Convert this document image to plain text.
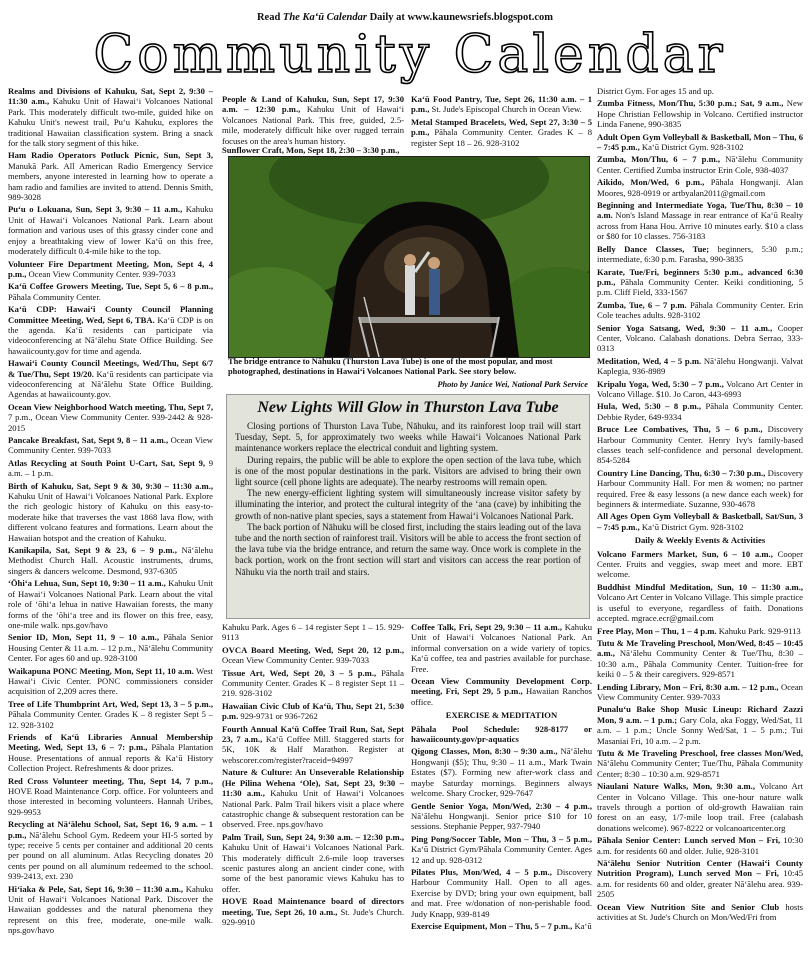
Read The Ka‘ū Calendar Daily at www.kaunewsriefs.blogspot.com
Community Calendar

Realms and Divisions of Kahuku, Sat, Sept 2, 9:30 – 11:30 a.m., Kahuku Unit of Hawai‘i Volcanoes National Park. This moderately difficult two-mile, guided hike on Kahuku Unit's newest trail, Pu‘u Kahuku, explores the traditional Hawaiian classification system. Bring a snack for the talk story segment of this hike.

Ham Radio Operators Potluck Picnic, Sun, Sept 3, Manukā Park. All American Radio Emergency Service members, anyone interested in learning how to operate a ham radio and families are invited to attend. Dennis Smith, 989-3028

Pu‘u o Lokuana, Sun, Sept 3, 9:30 – 11 a.m., Kahuku Unit of Hawai‘i Volcanoes National Park. Learn about formation and various uses of this grassy cinder cone and enjoy a breathtaking view of lower Ka‘ū on this free, moderately difficult 0.4-mile hike to the top.

Volunteer Fire Department Meeting, Mon, Sept 4, 4 p.m., Ocean View Community Center. 939-7033

Ka‘ū Coffee Growers Meeting, Tue, Sept 5, 6 – 8 p.m., Pāhala Community Center.

Ka‘ū CDP: Hawai‘i County Council Planning Committee Meeting, Wed, Sept 6, TBA. Ka‘ū CDP is on the agenda. Ka‘ū residents can participate via videoconferencing at Nā‘ālehu State Office Building. See hawaiicounty.gov for time and agenda.

Hawai‘i County Council Meetings, Wed/Thu, Sept 6/7 & Tue/Thu, Sept 19/20. Ka‘ū residents can participate via videoconferencing at Nā‘ālehu State Office Building. Agendas at hawaiicounty.gov.

Ocean View Neighborhood Watch meeting, Thu, Sept 7, 7 p.m., Ocean View Community Center. 939-2442 & 928-2015

Pancake Breakfast, Sat, Sept 9, 8 – 11 a.m., Ocean View Community Center. 939-7033

Atlas Recycling at South Point U-Cart, Sat, Sept 9, 9 a.m. – 1 p.m.

Birth of Kahuku, Sat, Sept 9 & 30, 9:30 – 11:30 a.m., Kahuku Unit of Hawai‘i Volcanoes National Park. Explore the rich geologic history of Kahuku on this easy-to-moderate hike that traverses the vast 1868 lava flow, with different volcano features and formations. Learn about the Hawaiian hotspot and the creation of Kahuku.

Kanikapila, Sat, Sept 9 & 23, 6 – 9 p.m., Nā‘ālehu Methodist Church Hall. Acoustic instruments, drums, singers & dancers welcome. Desmond, 937-6305

‘Ōhi‘a Lehua, Sun, Sept 10, 9:30 – 11 a.m., Kahuku Unit of Hawai‘i Volcanoes National Park. Learn about the vital role of ‘ōhi‘a lehua in native Hawaiian forests, the many forms of the ‘ōhi‘a tree and its flower on this free, easy, one-mile walk. nps.gov/havo

Senior ID, Mon, Sept 11, 9 – 10 a.m., Pāhala Senior Housing Center & 11 a.m. – 12 p.m., Nā‘ālehu Community Center. For ages 60 and up. 928-3100

Waikapuna PONC Meeting, Mon, Sept 11, 10 a.m. West Hawai‘i Civic Center. PONC commissioners consider acquisition of 2,209 acres there.

Tree of Life Thumbprint Art, Wed, Sept 13, 3 – 5 p.m., Pāhala Community Center. Grades K – 8 register Sept 5 – 12. 928-3102

Friends of Ka‘ū Libraries Annual Membership Meeting, Wed, Sept 13, 6 – 7: p.m., Pāhala Plantation House. Presentations of annual reports & Ka‘ū History Collection Project. Refreshments & door prizes.

Red Cross Volunteer meeting, Thu, Sept 14, 7 p.m., HOVE Road Maintenance Corp. office. For volunteers and those interested in becoming volunteers. Hannah Uribes, 929-9953

Recycling at Nā‘ālehu School, Sat, Sept 16, 9 a.m. – 1 p.m., Nā‘ālehu School Gym. Redeem your HI-5 sorted by type; receive 5 cents per container and additional 20 cents per pound on all aluminum. Atlas Recycling donates 20 cents per pound on all aluminum redeemed to the school. 939-2413, ext. 230

Hi‘iaka & Pele, Sat, Sept 16, 9:30 – 11:30 a.m., Kahuku Unit of Hawai‘i Volcanoes National Park. Discover the Hawaiian goddesses and the natural phenomena they represent on this free, moderate, one-mile walk. nps.gov/havo

People & Land of Kahuku, Sun, Sept 17, 9:30 a.m. – 12:30 p.m., Kahuku Unit of Hawai‘i Volcanoes National Park. This free, guided, 2.5-mile, moderately difficult hike over rugged terrain focuses on the area's human history.

Ka‘ū Food Pantry, Tue, Sept 26, 11:30 a.m. – 1 p.m., St. Jude's Episcopal Church in Ocean View.

Metal Stamped Bracelets, Wed, Sept 27, 3:30 – 5 p.m., Pāhala Community Center. Grades K – 8 register Sept 18 – 26. 928-3102

Sunflower Craft, Mon, Sept 18, 2:30 – 3:30 p.m.,
The bridge entrance to Nāhuku (Thurston Lava Tube) is one of the most popular, and most photographed, destinations in Hawai‘i Volcanoes National Park. See story below.
Photo by Janice Wei, National Park Service
New Lights Will Glow in Thurston Lava Tube

Closing portions of Thurston Lava Tube, Nāhuku, and its rainforest loop trail will start Tuesday, Sept. 5, for approximately two weeks while Hawai‘i Volcanoes National Park maintenance workers replace the electrical conduit and lighting system.

During repairs, the public will be able to explore the open section of the lava tube, which is one of the most popular destinations in the park. Visitors are advised to bring their own light source (cell phone lights are adequate). The nearby restrooms will remain open.

The new energy-efficient lighting system will simultaneously increase visitor safety by illuminating the interior, and protect the cultural integrity of the ‘ana (cave) by inhibiting the growth of non-native plant species, says a statement from Hawai‘i Volcanoes National Park.

The back portion of Nāhuku will be closed first, including the stairs leading out of the lava tube and the north section of rainforest trail. Visitors will be able to access the front section of the lava tube via the bridge entrance, and return the same way. Once work is complete in the back portion, work on the front section will start and visitors can access the rear portion of Nāhuku via the north trail and stairs.

Kahuku Park. Ages 6 – 14 register Sept 1 – 15. 929-9113

OVCA Board Meeting, Wed, Sept 20, 12 p.m., Ocean View Community Center. 939-7033

Tissue Art, Wed, Sept 20, 3 – 5 p.m., Pāhala Community Center. Grades K – 8 register Sept 11 – 219. 928-3102

Hawaiian Civic Club of Ka‘ū, Thu, Sept 21, 5:30 p.m. 929-9731 or 936-7262

Fourth Annual Ka‘ū Coffee Trail Run, Sat, Sept 23, 7 a.m., Ka‘ū Coffee Mill. Staggered starts for 5K, 10K & Half Marathon. Register at webscorer.com/register?raceid=94997

Nature & Culture: An Unseverable Relationship (He Pilina Wehena ‘Ole), Sat, Sept 23, 9:30 – 11:30 a.m., Kahuku Unit of Hawai‘i Volcanoes National Park. Palm Trail hikers visit a place where catastrophic change & subsequent restoration can be observed. Free. nps.gov/havo

Palm Trail, Sun, Sept 24, 9:30 a.m. – 12:30 p.m., Kahuku Unit of Hawai‘i Volcanoes National Park. This moderately difficult 2.6-mile loop traverses scenic pastures along an ancient cinder cone, with some of the best panoramic views Kahuku has to offer.

HOVE Road Maintenance board of directors meeting, Tue, Sept 26, 10 a.m., St. Jude's Church. 929-9910

Coffee Talk, Fri, Sept 29, 9:30 – 11 a.m., Kahuku Unit of Hawai‘i Volcanoes National Park. An informal conversation on a wide variety of topics. Ka‘ū coffee, tea and pastries available for purchase. Free.

Ocean View Community Development Corp. meeting, Fri, Sept 29, 5 p.m., Hawaiian Ranchos office.

EXERCISE & MEDITATION

Pāhala Pool Schedule: 928-8177 or hawaiicounty.gov/pr-aquatics

Qigong Classes, Mon, 8:30 – 9:30 a.m., Nā‘ālehu Hongwanji ($5); Thu, 9:30 – 11 a.m., Mark Twain Estates ($7). Forming new after-work class and maybe Saturday mornings. Beginners always welcome. Shary Crocker, 929-7647

Gentle Senior Yoga, Mon/Wed, 2:30 – 4 p.m., Nā‘ālehu Hongwanji. Senior price $10 for 10 sessions. Stephanie Pepper, 937-7940

Ping Pong/Soccer Table, Mon – Thu, 3 – 5 p.m., Ka‘ū District Gym/Pāhala Community Center. Ages 12 and up. 928-0312

Pilates Plus, Mon/Wed, 4 – 5 p.m., Discovery Harbour Community Hall. Open to all ages. Exercise by DVD; bring your own equipment, ball and mat. Free w/donation of non-perishable food. Judy Knapp, 939-8149

Exercise Equipment, Mon – Thu, 5 – 7 p.m., Ka‘ū

District Gym. For ages 15 and up.

Zumba Fitness, Mon/Thu, 5:30 p.m.; Sat, 9 a.m., New Hope Christian Fellowship in Volcano. Certified instructor Linda Fanene, 990-3835

Adult Open Gym Volleyball & Basketball, Mon – Thu, 6 – 7:45 p.m., Ka‘ū District Gym. 928-3102

Zumba, Mon/Thu, 6 – 7 p.m., Nā‘ālehu Community Center. Certified Zumba instructor Erin Cole, 938-4037

Aikido, Mon/Wed, 6 p.m., Pāhala Hongwanji. Alan Moores, 928-0919 or artbyalan2011@gmail.com

Beginning and Intermediate Yoga, Tue/Thu, 8:30 – 10 a.m. Non's Island Massage in rear entrance of Ka‘ū Realty across from Hana Hou. Arrive 10 minutes early. $10 a class or $80 for 10 classes. 756-3183

Belly Dance Classes, Tue; beginners, 5:30 p.m.; intermediate, 6:30 p.m. Farasha, 990-3835

Karate, Tue/Fri, beginners 5:30 p.m., advanced 6:30 p.m., Pāhala Community Center. Keiki conditioning, 5 p.m. Cliff Field, 333-1567

Zumba, Tue, 6 – 7 p.m. Pāhala Community Center. Erin Cole teaches adults. 928-3102

Senior Yoga Satsang, Wed, 9:30 – 11 a.m., Cooper Center, Volcano. Calabash donations. Debra Serrao, 333-0313

Meditation, Wed, 4 – 5 p.m. Nā‘ālehu Hongwanji. Valvat Kaplegia, 936-8989

Kripalu Yoga, Wed, 5:30 – 7 p.m., Volcano Art Center in Volcano Village. $10. Jo Caron, 443-6993

Hula, Wed, 5:30 – 8 p.m., Pāhala Community Center. Debbie Ryder, 649-9334

Bruce Lee Combatives, Thu, 5 – 6 p.m., Discovery Harbour Community Center. Henry Ivy's family-based classes teach self-confidence and personal development. 854-5284

Country Line Dancing, Thu, 6:30 – 7:30 p.m., Discovery Harbour Community Hall. For men & women; no partner required. Free & easy lessons (a new dance each week) for beginners & intermediate. Suzanne, 930-4678

All Ages Open Gym Volleyball & Basketball, Sat/Sun, 3 – 7:45 p.m., Ka‘ū District Gym. 928-3102

Daily & Weekly Events & Activities

Volcano Farmers Market, Sun, 6 – 10 a.m., Cooper Center. Fruits and veggies, swap meet and more. EBT welcome.

Buddhist Mindful Meditation, Sun, 10 – 11:30 a.m., Volcano Art Center in Volcano Village. This simple practice is useful to everyone, regardless of faith. Donations accepted. mgrace.ecr@gmail.com

Free Play, Mon – Thu, 1 – 4 p.m. Kahuku Park. 929-9113

Tutu & Me Traveling Preschool, Mon/Wed, 8:45 – 10:45 a.m., Nā‘ālehu Community Center & Tue/Thu, 8:30 – 10:30 a.m., Pāhala Community Center. Tuition-free for keiki 0 – 5 & their caregivers. 929-8571

Lending Library, Mon – Fri, 8:30 a.m. – 12 p.m., Ocean View Community Center. 939-7033

Punalu‘u Bake Shop Music Lineup: Richard Zazzi Mon, 9 a.m. – 1 p.m.; Gary Cola, aka Foggy, Wed/Sat, 11 a.m. – 1 p.m.; Uncle Sonny Wed/Sat, 1 – 5 p.m.; Tui Masaniai Fri, 10 a.m. – 2 p.m.

Tutu & Me Traveling Preschool, free classes Mon/Wed, Nā‘ālehu Community Center; Tue/Thu, Pāhala Community Center; 8:30 – 10:30 a.m. 929-8571

Niaulani Nature Walks, Mon, 9:30 a.m., Volcano Art Center in Volcano Village. This one-hour nature walk travels through a portion of old-growth Hawaiian rain forest on an easy, 1/7-mile loop trail. Free (calabash donations welcome). 967-8222 or volcanoartcenter.org

Pāhala Senior Center: Lunch served Mon – Fri, 10:30 a.m. for residents 60 and older. Julie, 928-3101

Nā‘ālehu Senior Nutrition Center (Hawai‘i County Nutrition Program), Lunch served Mon – Fri, 10:45 a.m. for residents 60 and older, greater Nā‘ālehu area. 939-2505

Ocean View Nutrition Site and Senior Club hosts activities at St. Jude's Church on Mon/Wed/Fri from
